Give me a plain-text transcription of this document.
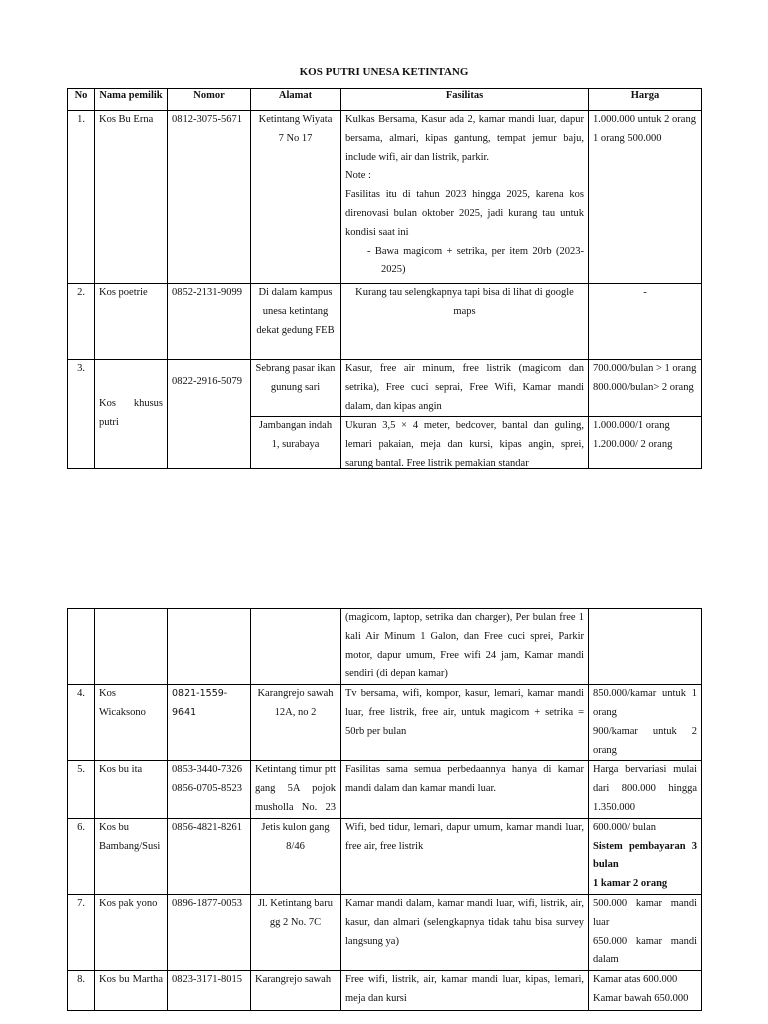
KOS PUTRI UNESA KETINTANG
No	Nama pemilik	Nomor	Alamat	Fasilitas	Harga
1.	Kos Bu Erna	0812-3075-5671	Ketintang Wiyata 7 No 17	Kulkas Bersama, Kasur ada 2, kamar mandi luar, dapur bersama, almari, kipas gantung, tempat jemur baju, include wifi, air dan listrik, parkir.
Note :
Fasilitas itu di tahun 2023 hingga 2025, karena kos direnovasi bulan oktober 2025, jadi kurang tau untuk kondisi saat ini
- Bawa magicom + setrika, per item 20rb (2023-2025)	1.000.000 untuk 2 orang
1 orang 500.000

2.	Kos poetrie	0852-2131-9099	Di dalam kampus unesa ketintang dekat gedung FEB	Kurang tau selengkapnya tapi bisa di lihat di google maps	-
3.	Kos khusus putri	0822-2916-5079	Sebrang pasar ikan gunung sari	Kasur, free air minum, free listrik (magicom dan setrika), Free cuci seprai, Free Wifi, Kamar mandi dalam, dan kipas angin	700.000/bulan > 1 orang
800.000/bulan> 2 orang

			Jambangan indah 1, surabaya	Ukuran 3,5 × 4 meter, bedcover, bantal dan guling, lemari pakaian, meja dan kursi, kipas angin, sprei, sarung bantal. Free listrik pemakian standar	1.000.000/1 orang
1.200.000/ 2 orang
				(magicom, laptop, setrika dan charger), Per bulan free 1 kali Air Minum 1 Galon, dan Free cuci sprei, Parkir motor, dapur umum, Free wifi 24 jam, Kamar mandi sendiri (di depan kamar)	
4.	Kos Wicaksono	0821-1559-9641	Karangrejo sawah 12A, no 2	Tv bersama, wifi, kompor, kasur, lemari, kamar mandi luar, free listrik, free air, untuk magicom + setrika = 50rb per bulan	850.000/kamar untuk 1 orang
900/kamar untuk 2 orang

5.	Kos bu ita	0853-3440-7326
0856-0705-8523	Ketintang timur ptt gang 5A pojok musholla No. 23	Fasilitas sama semua perbedaannya hanya di kamar mandi dalam dan kamar mandi luar.	Harga bervariasi mulai dari 800.000 hingga 1.350.000
6.	Kos bu Bambang/Susi	0856-4821-8261	Jetis kulon gang 8/46	Wifi, bed tidur, lemari, dapur umum, kamar mandi luar, free air, free listrik	600.000/ bulan
Sistem pembayaran 3 bulan
1 kamar 2 orang

7.	Kos pak yono	0896-1877-0053	Jl. Ketintang baru gg 2 No. 7C	Kamar mandi dalam, kamar mandi luar, wifi, listrik, air, kasur, dan almari (selengkapnya tidak tahu bisa survey langsung ya)	500.000 kamar mandi luar
650.000 kamar mandi dalam

8.	Kos bu Martha	0823-3171-8015	Karangrejo sawah	Free wifi, listrik, air, kamar mandi luar, kipas, lemari, meja dan kursi	Kamar atas 600.000
Kamar bawah 650.000
